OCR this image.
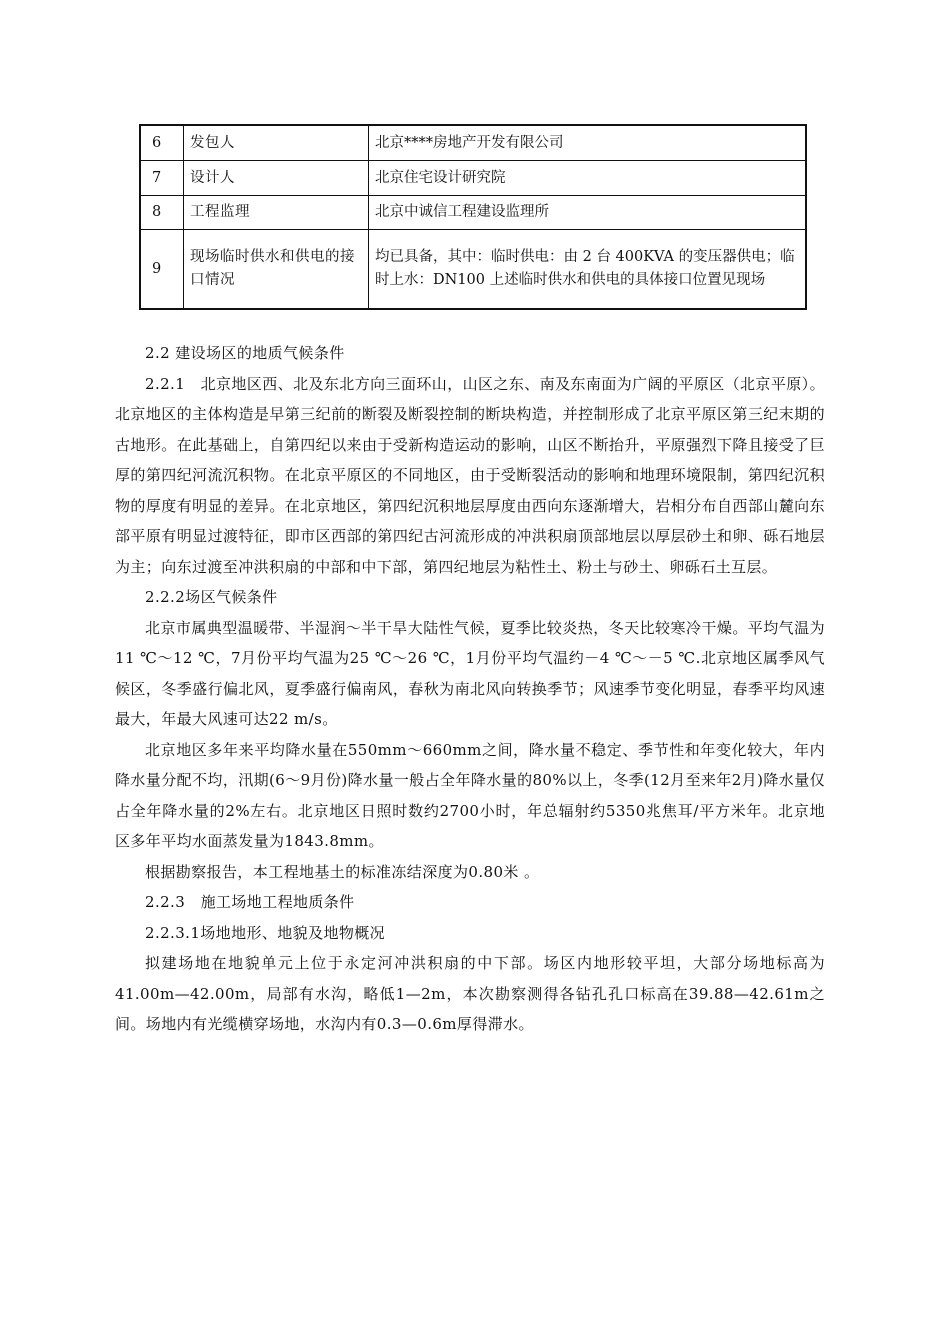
6	发包人	北京****房地产开发有限公司
7	设计人	北京住宅设计研究院
8	工程监理	北京中诚信工程建设监理所
9	现场临时供水和供电的接口情况	均已具备，其中：临时供电：由 2 台 400KVA 的变压器供电；临时上水：DN100 上述临时供水和供电的具体接口位置见现场

2.2 建设场区的地质气候条件

2.2.1　北京地区西、北及东北方向三面环山，山区之东、南及东南面为广阔的平原区（北京平原）。北京地区的主体构造是早第三纪前的断裂及断裂控制的断块构造，并控制形成了北京平原区第三纪末期的古地形。在此基础上，自第四纪以来由于受新构造运动的影响，山区不断抬升，平原强烈下降且接受了巨厚的第四纪河流沉积物。在北京平原区的不同地区，由于受断裂活动的影响和地理环境限制，第四纪沉积物的厚度有明显的差异。在北京地区，第四纪沉积地层厚度由西向东逐渐增大，岩相分布自西部山麓向东部平原有明显过渡特征，即市区西部的第四纪古河流形成的冲洪积扇顶部地层以厚层砂土和卵、砾石地层为主；向东过渡至冲洪积扇的中部和中下部，第四纪地层为粘性土、粉土与砂土、卵砾石土互层。

2.2.2场区气候条件

北京市属典型温暖带、半湿润～半干旱大陆性气候，夏季比较炎热，冬天比较寒冷干燥。平均气温为11 ℃～12 ℃，7月份平均气温为25 ℃～26 ℃，1月份平均气温约－4 ℃～－5 ℃.北京地区属季风气候区，冬季盛行偏北风，夏季盛行偏南风，春秋为南北风向转换季节；风速季节变化明显，春季平均风速最大，年最大风速可达22 m/s。

北京地区多年来平均降水量在550mm～660mm之间，降水量不稳定、季节性和年变化较大，年内降水量分配不均，汛期(6～9月份)降水量一般占全年降水量的80%以上，冬季(12月至来年2月)降水量仅占全年降水量的2%左右。北京地区日照时数约2700小时，年总辐射约5350兆焦耳/平方米年。北京地区多年平均水面蒸发量为1843.8mm。

根据勘察报告，本工程地基土的标准冻结深度为0.80米 。

2.2.3　施工场地工程地质条件

2.2.3.1场地地形、地貌及地物概况

拟建场地在地貌单元上位于永定河冲洪积扇的中下部。场区内地形较平坦，大部分场地标高为41.00m—42.00m，局部有水沟，略低1—2m，本次勘察测得各钻孔孔口标高在39.88—42.61m之间。场地内有光缆横穿场地，水沟内有0.3—0.6m厚得滞水。
